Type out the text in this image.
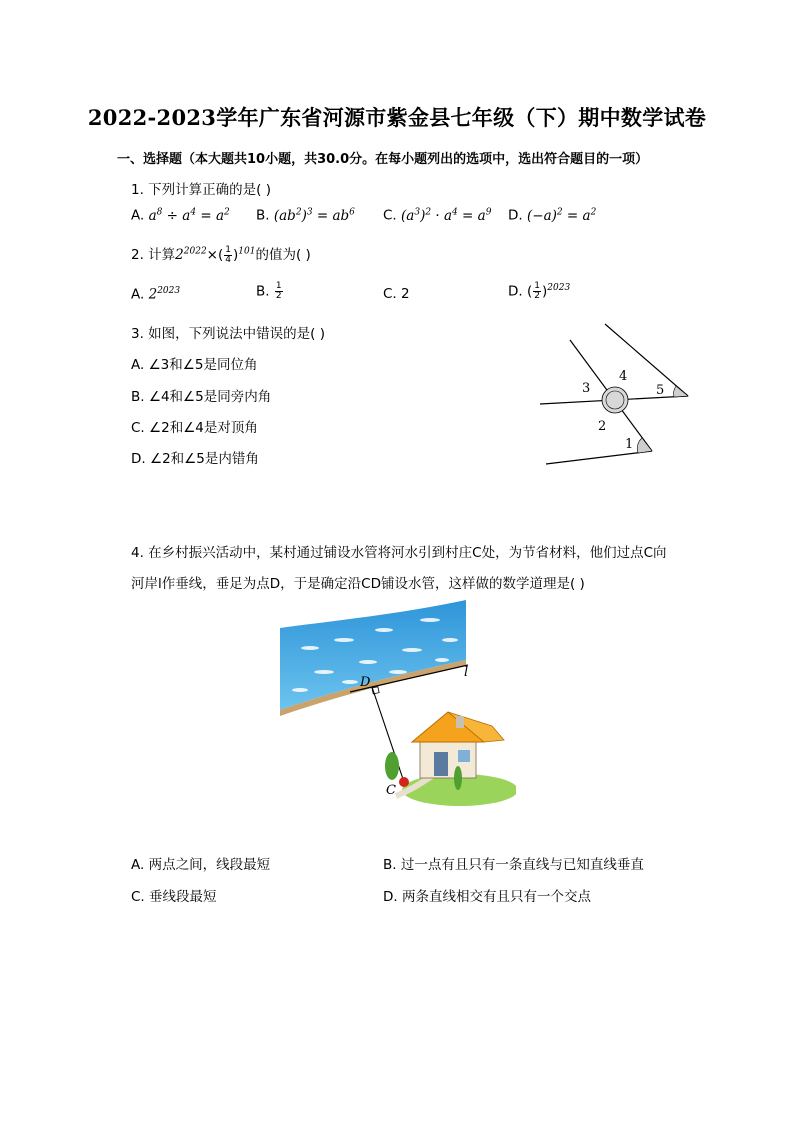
2022-2023学年广东省河源市紫金县七年级（下）期中数学试卷
一、选择题（本大题共10小题，共30.0分。在每小题列出的选项中，选出符合题目的一项）
1. 下列计算正确的是( )
A. $a^8 \div a^4 = a^2$ B. $(ab^2)^3 = ab^6$ C. $(a^3)^2 \cdot a^4 = a^9$ D. $(-a)^2 = a^2$
2. 计算$2^{2022}\times( \frac{1}{4} )^{101}$的值为( )
A. $2^{2023}$	B. $\frac{1}{2}$	C. 2	D. ( $\frac{1}{2} )^{2023}$
3. 如图，下列说法中错误的是( )
A. ∠3和∠5是同位角
B. ∠4和∠5是同旁内角
C. ∠2和∠4是对顶角
D. ∠2和∠5是内错角
3
4
5
2
1
4. 在乡村振兴活动中，某村通过铺设水管将河水引到村庄C处，为节省材料，他们过点C向
河岸l作垂线，垂足为点D，于是确定沿CD铺设水管，这样做的数学道理是( )
l
D
C
A. 两点之间，线段最短	B. 过一点有且只有一条直线与已知直线垂直
C. 垂线段最短	D. 两条直线相交有且只有一个交点
